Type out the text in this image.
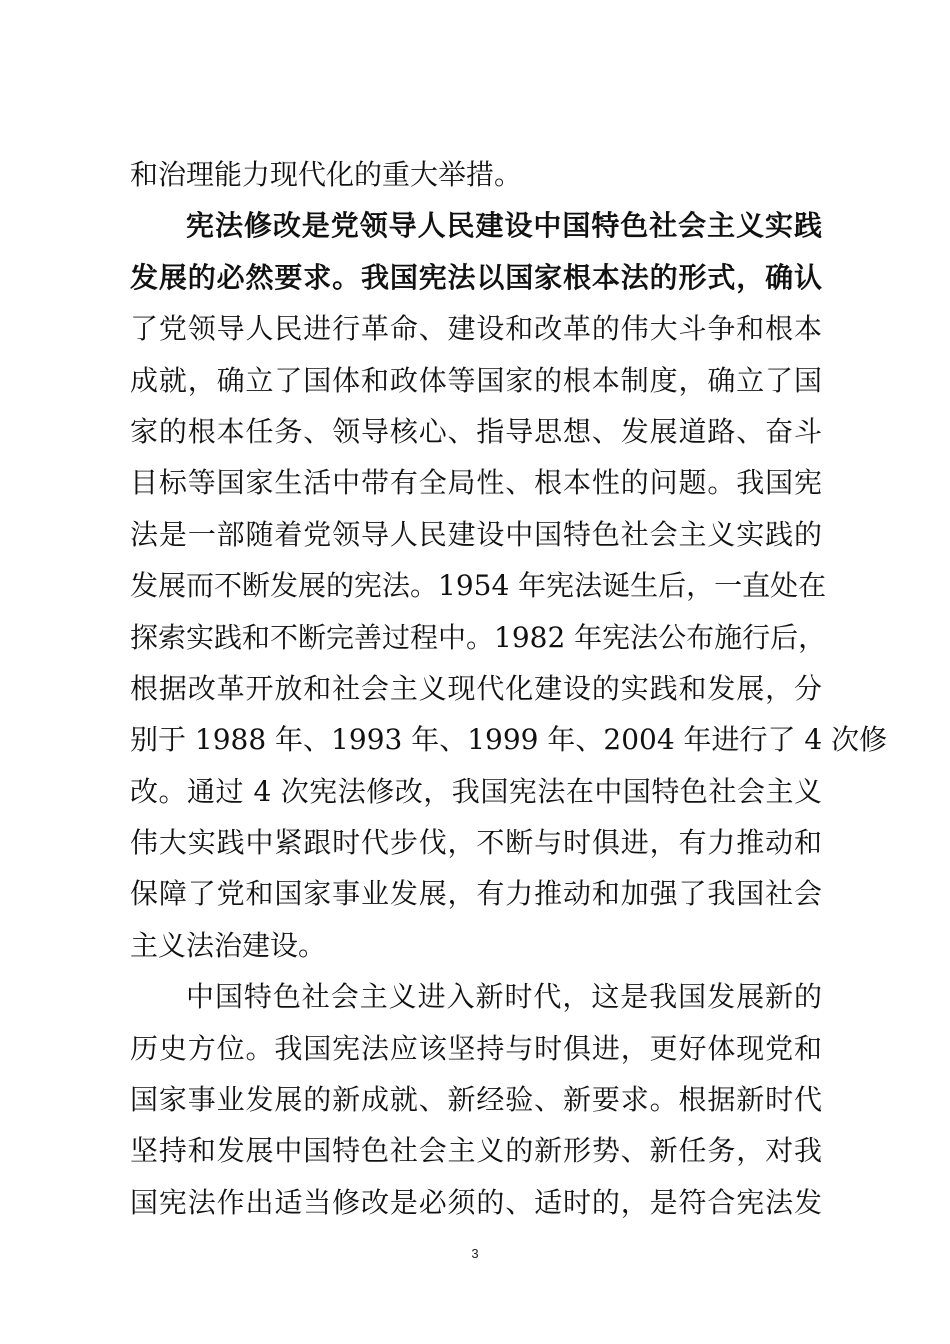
和治理能力现代化的重大举措。
宪法修改是党领导人民建设中国特色社会主义实践
发展的必然要求。我国宪法以国家根本法的形式，确认
了党领导人民进行革命、建设和改革的伟大斗争和根本
成就，确立了国体和政体等国家的根本制度，确立了国
家的根本任务、领导核心、指导思想、发展道路、奋斗
目标等国家生活中带有全局性、根本性的问题。我国宪
法是一部随着党领导人民建设中国特色社会主义实践的
发展而不断发展的宪法。1954 年宪法诞生后，一直处在
探索实践和不断完善过程中。1982 年宪法公布施行后，
根据改革开放和社会主义现代化建设的实践和发展，分
别于 1988 年、1993 年、1999 年、2004 年进行了 4 次修
改。通过 4 次宪法修改，我国宪法在中国特色社会主义
伟大实践中紧跟时代步伐，不断与时俱进，有力推动和
保障了党和国家事业发展，有力推动和加强了我国社会
主义法治建设。
中国特色社会主义进入新时代，这是我国发展新的
历史方位。我国宪法应该坚持与时俱进，更好体现党和
国家事业发展的新成就、新经验、新要求。根据新时代
坚持和发展中国特色社会主义的新形势、新任务，对我
国宪法作出适当修改是必须的、适时的，是符合宪法发
3
